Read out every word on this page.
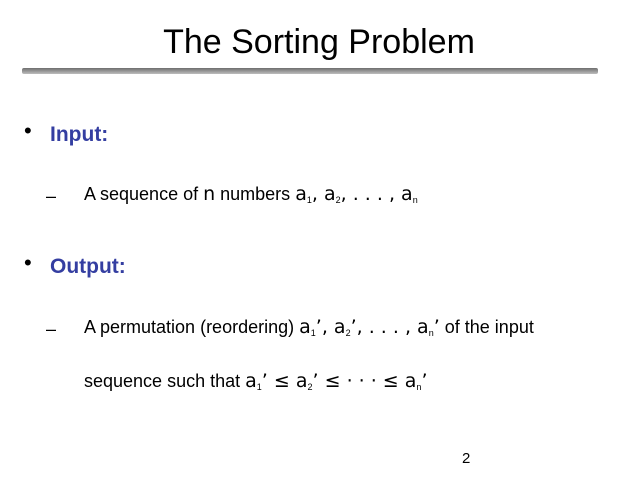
The Sorting Problem
• Input:
– A sequence of n numbers $a_1$, $a_2$, . . . , $a_n$
• Output:
– A permutation (reordering) $a_1$’, $a_2$’, . . . , $a_n$’ of the input
sequence such that $a_1$’ ≤ $a_2$’ ≤ · · · ≤ $a_n$’
2
